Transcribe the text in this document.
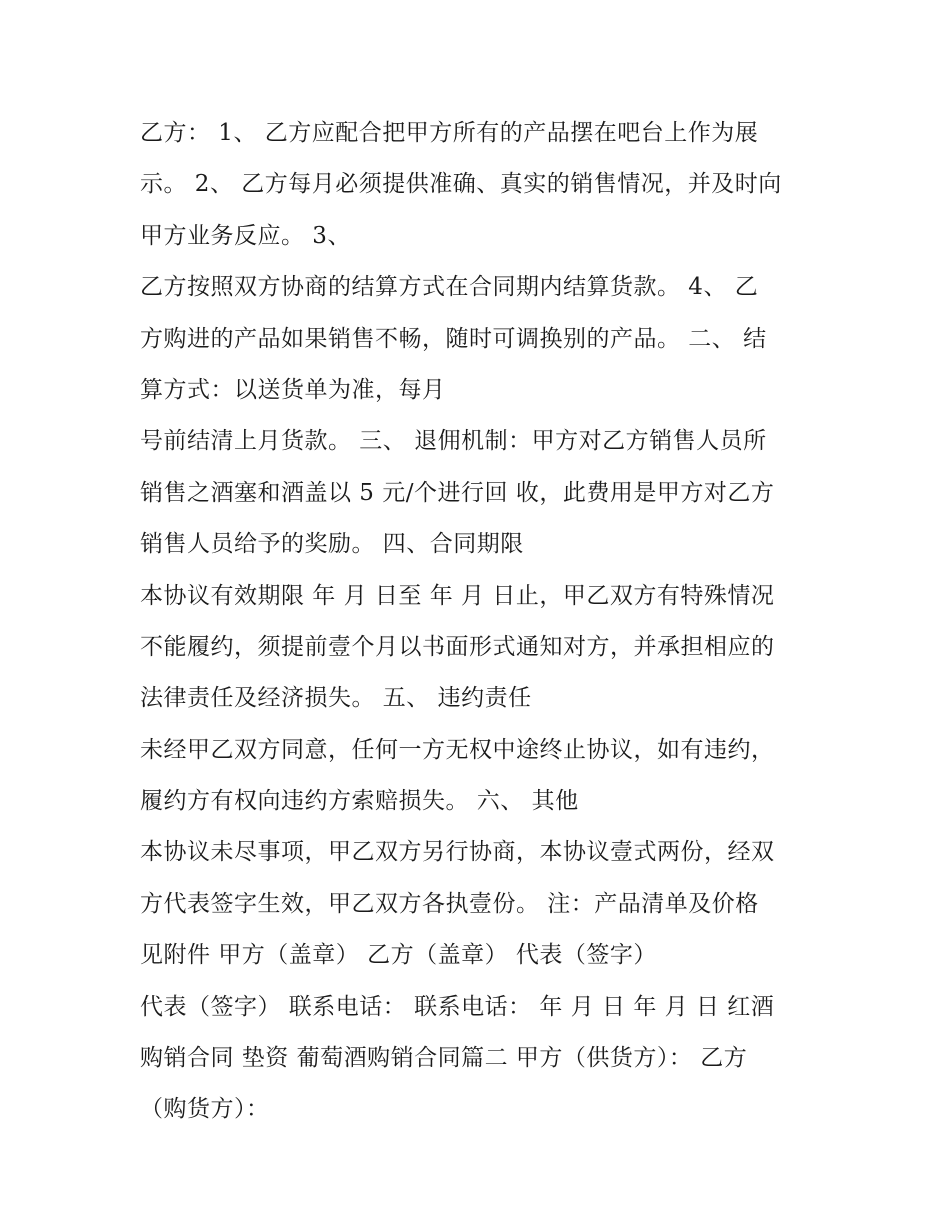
乙方： 1、 乙方应配合把甲方所有的产品摆在吧台上作为展
示。 2、 乙方每月必须提供准确、真实的销售情况，并及时向
甲方业务反应。 3、
乙方按照双方协商的结算方式在合同期内结算货款。 4、 乙
方购进的产品如果销售不畅，随时可调换别的产品。 二、 结
算方式：以送货单为准，每月
号前结清上月货款。 三、 退佣机制：甲方对乙方销售人员所
销售之酒塞和酒盖以 5 元/个进行回 收，此费用是甲方对乙方
销售人员给予的奖励。 四、合同期限
本协议有效期限 年 月 日至 年 月 日止，甲乙双方有特殊情况
不能履约，须提前壹个月以书面形式通知对方，并承担相应的
法律责任及经济损失。 五、 违约责任
未经甲乙双方同意，任何一方无权中途终止协议，如有违约，
履约方有权向违约方索赔损失。 六、 其他
本协议未尽事项，甲乙双方另行协商，本协议壹式两份，经双
方代表签字生效，甲乙双方各执壹份。 注：产品清单及价格
见附件 甲方（盖章） 乙方（盖章） 代表（签字）
代表（签字） 联系电话： 联系电话： 年 月 日 年 月 日 红酒
购销合同 垫资 葡萄酒购销合同篇二 甲方（供货方）： 乙方
（购货方）：
